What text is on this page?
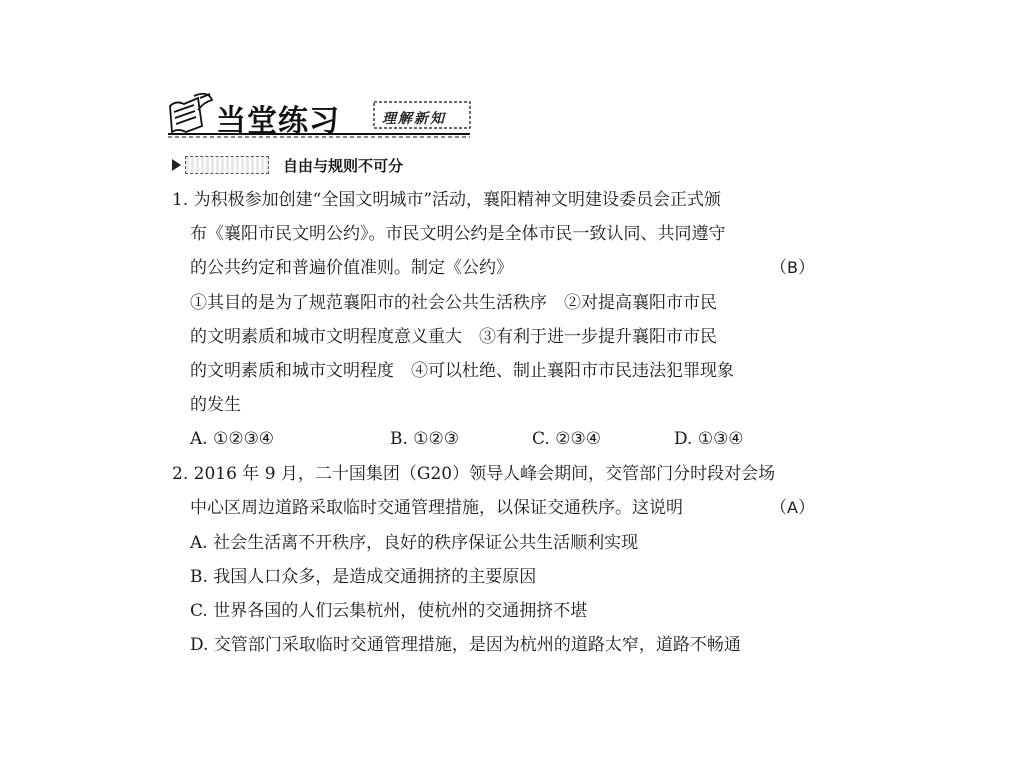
当堂练习	理解新知
自由与规则不可分
1. 为积极参加创建“全国文明城市”活动，襄阳精神文明建设委员会正式颁
布《襄阳市民文明公约》。市民文明公约是全体市民一致认同、共同遵守
的公共约定和普遍价值准则。制定《公约》	（B）
①其目的是为了规范襄阳市的社会公共生活秩序　②对提高襄阳市市民
的文明素质和城市文明程度意义重大　③有利于进一步提升襄阳市市民
的文明素质和城市文明程度　④可以杜绝、制止襄阳市市民违法犯罪现象
的发生
A. ①②③④	B. ①②③	C. ②③④	D. ①③④
2. 2016 年 9 月，二十国集团（G20）领导人峰会期间，交管部门分时段对会场
中心区周边道路采取临时交通管理措施，以保证交通秩序。这说明	（A）
A. 社会生活离不开秩序，良好的秩序保证公共生活顺利实现
B. 我国人口众多，是造成交通拥挤的主要原因
C. 世界各国的人们云集杭州，使杭州的交通拥挤不堪
D. 交管部门采取临时交通管理措施，是因为杭州的道路太窄，道路不畅通
